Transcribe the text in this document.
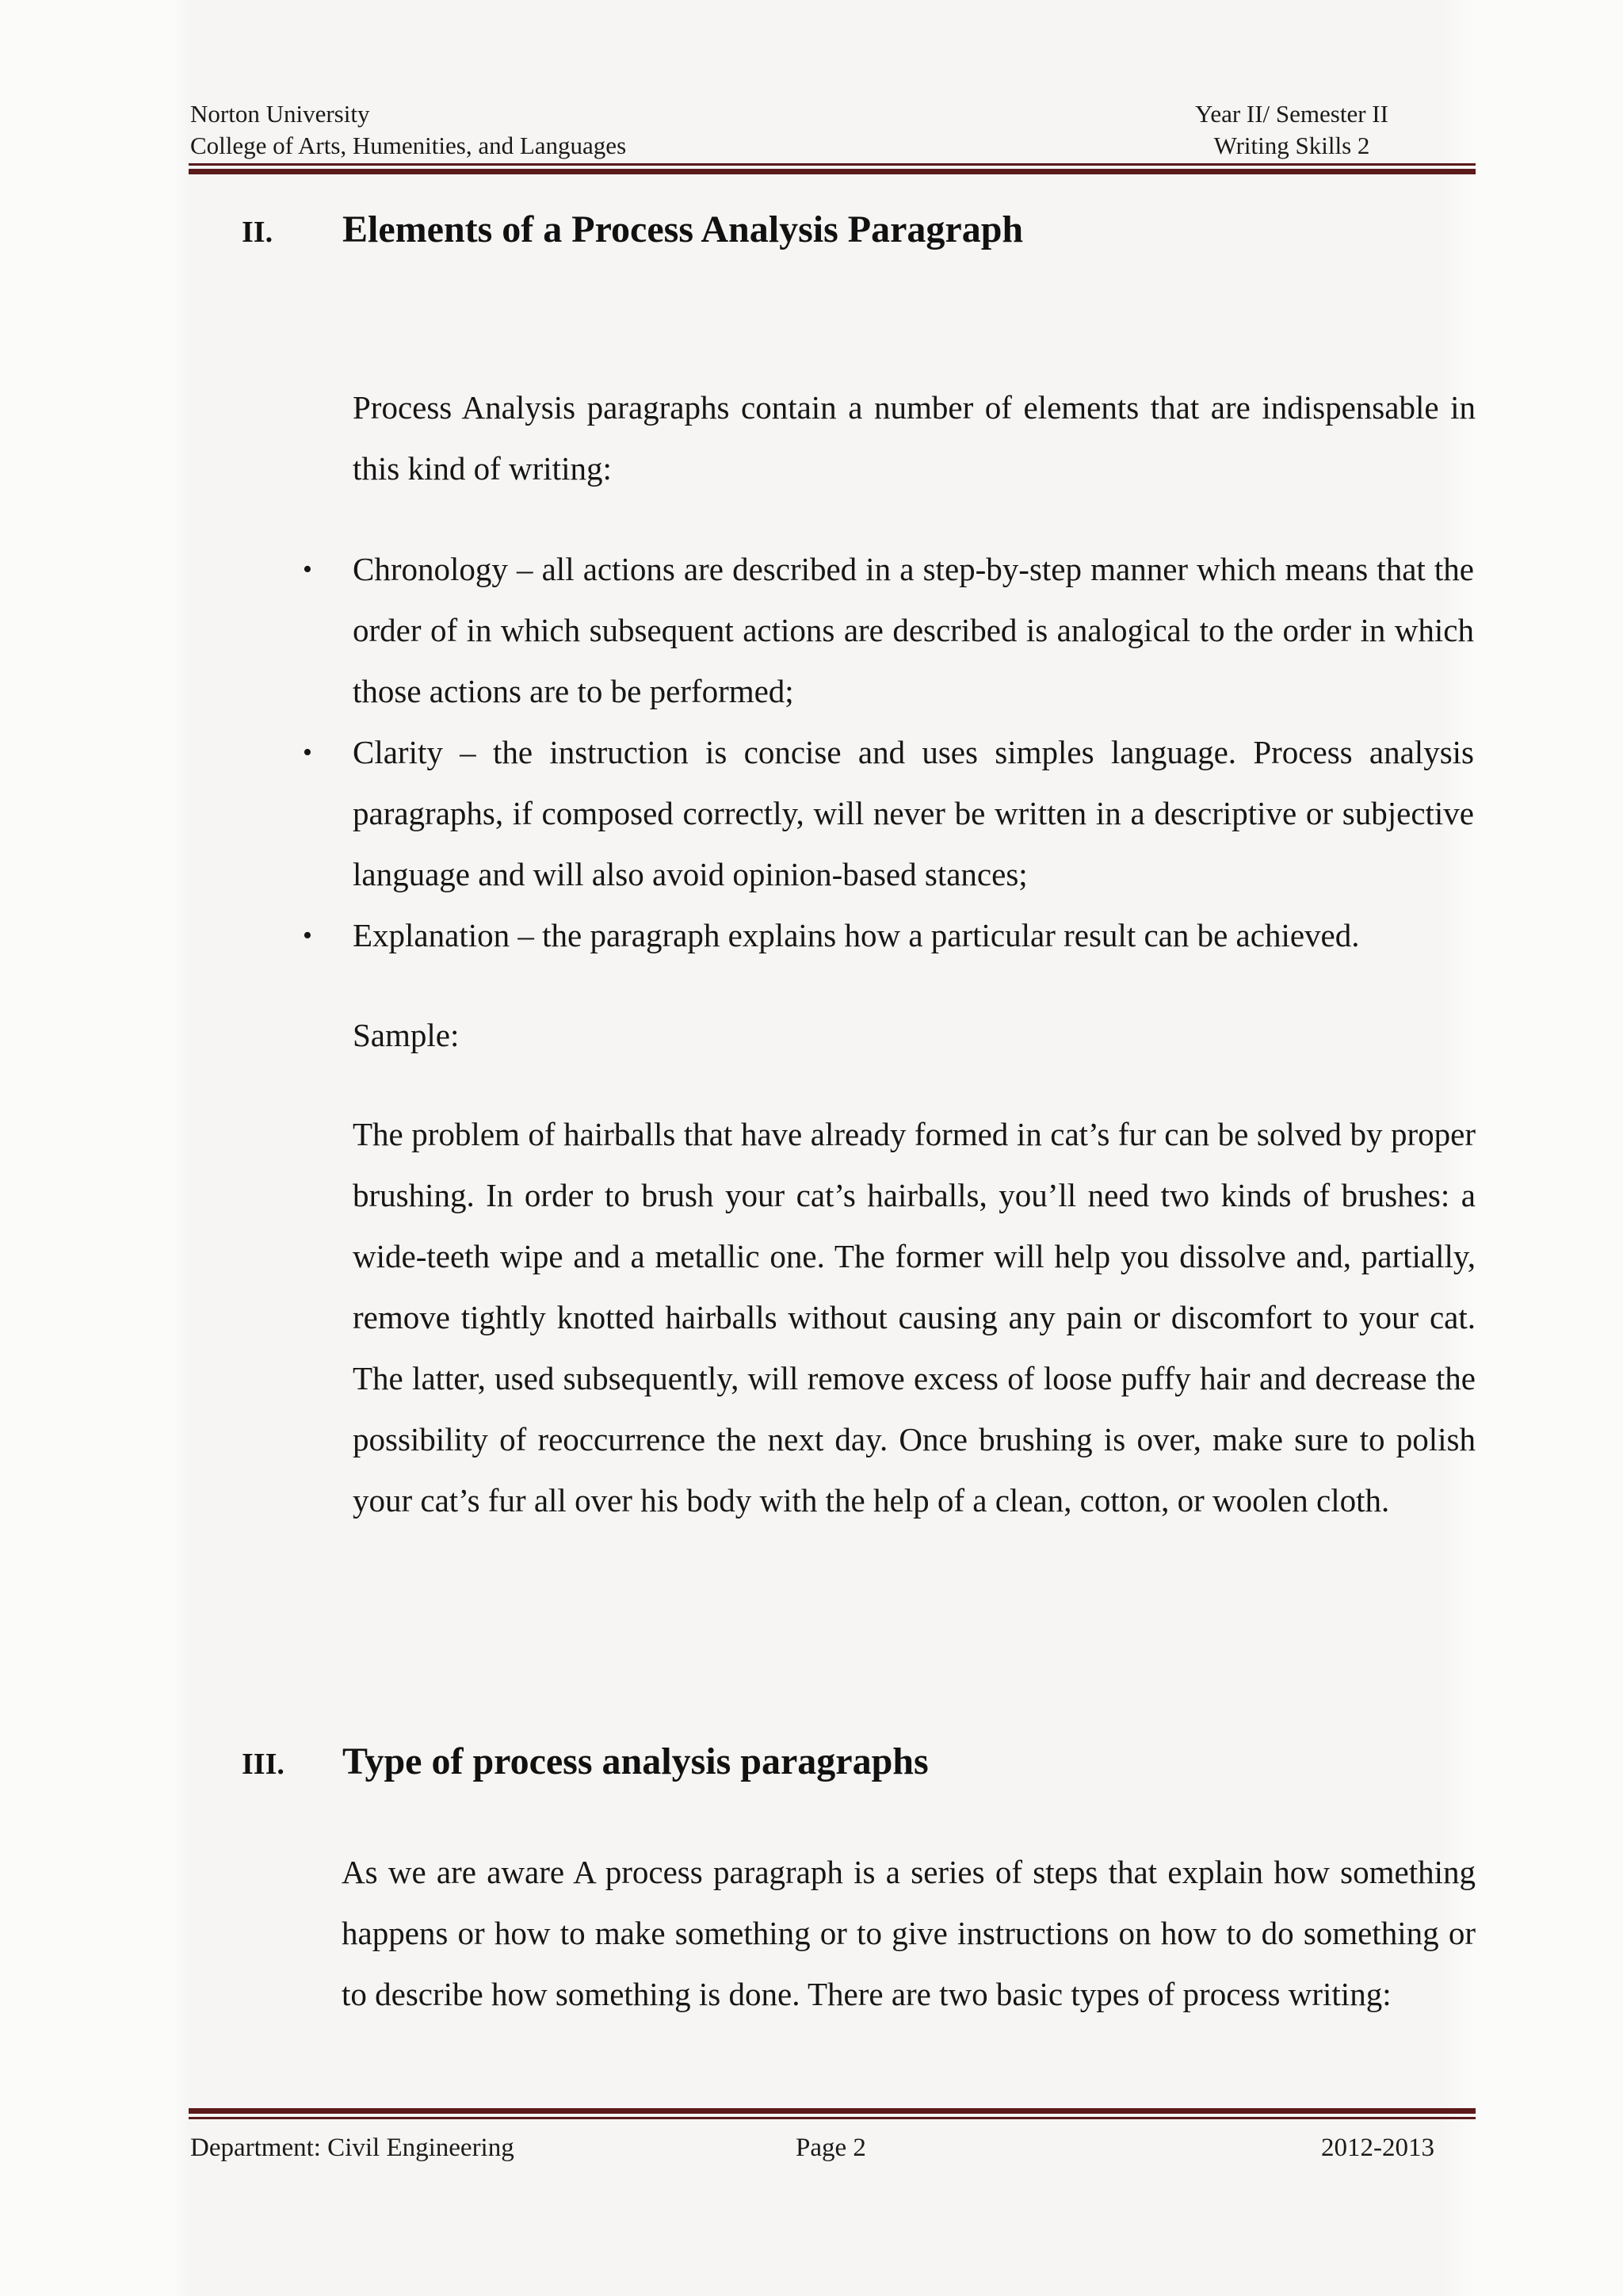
Norton University	Year II/ Semester II
College of Arts, Humenities, and Languages	Writing Skills 2
II.	Elements of a Process Analysis Paragraph

Process Analysis paragraphs contain a number of elements that are indispensable in this kind of writing:

• Chronology – all actions are described in a step-by-step manner which means that the order of in which subsequent actions are described is analogical to the order in which those actions are to be performed;
• Clarity – the instruction is concise and uses simples language. Process analysis paragraphs, if composed correctly, will never be written in a descriptive or subjective language and will also avoid opinion-based stances;
• Explanation – the paragraph explains how a particular result can be achieved.

Sample:

The problem of hairballs that have already formed in cat’s fur can be solved by proper brushing. In order to brush your cat’s hairballs, you’ll need two kinds of brushes: a wide-teeth wipe and a metallic one. The former will help you dissolve and, partially, remove tightly knotted hairballs without causing any pain or discomfort to your cat. The latter, used subsequently, will remove excess of loose puffy hair and decrease the possibility of reoccurrence the next day. Once brushing is over, make sure to polish your cat’s fur all over his body with the help of a clean, cotton, or woolen cloth.

III.	Type of process analysis paragraphs

As we are aware A process paragraph is a series of steps that explain how something happens or how to make something or to give instructions on how to do something or to describe how something is done. There are two basic types of process writing:

Department: Civil Engineering	Page 2	2012-2013
